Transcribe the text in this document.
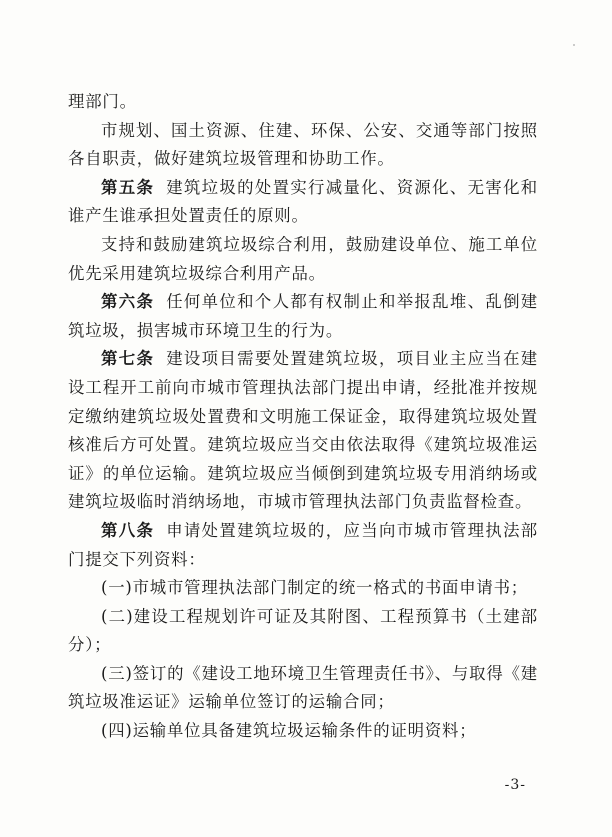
理部门。

市规划、国土资源、住建、环保、公安、交通等部门按照各自职责，做好建筑垃圾管理和协助工作。

第五条 建筑垃圾的处置实行减量化、资源化、无害化和谁产生谁承担处置责任的原则。

支持和鼓励建筑垃圾综合利用，鼓励建设单位、施工单位优先采用建筑垃圾综合利用产品。

第六条 任何单位和个人都有权制止和举报乱堆、乱倒建筑垃圾，损害城市环境卫生的行为。

第七条 建设项目需要处置建筑垃圾，项目业主应当在建设工程开工前向市城市管理执法部门提出申请，经批准并按规定缴纳建筑垃圾处置费和文明施工保证金，取得建筑垃圾处置核准后方可处置。建筑垃圾应当交由依法取得《建筑垃圾准运证》的单位运输。建筑垃圾应当倾倒到建筑垃圾专用消纳场或建筑垃圾临时消纳场地，市城市管理执法部门负责监督检查。

第八条 申请处置建筑垃圾的，应当向市城市管理执法部门提交下列资料：

(一)市城市管理执法部门制定的统一格式的书面申请书；

(二)建设工程规划许可证及其附图、工程预算书（土建部分）；

(三)签订的《建设工地环境卫生管理责任书》、与取得《建筑垃圾准运证》运输单位签订的运输合同；

(四)运输单位具备建筑垃圾运输条件的证明资料；

-3-
